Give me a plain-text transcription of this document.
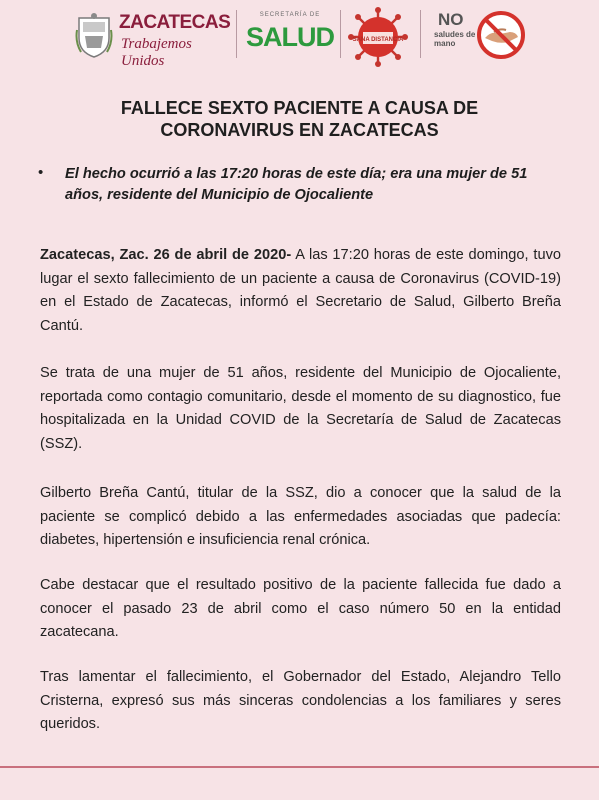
ZACATECAS
Trabajemos Unidos
SECRETARÍA DE
SALUD	SANA DISTANCIA
NO
saludes de mano
FALLECE SEXTO PACIENTE A CAUSA DE
CORONAVIRUS EN ZACATECAS
• El hecho ocurrió a las 17:20 horas de este día; era una mujer de 51 años, residente del Municipio de Ojocaliente

Zacatecas, Zac. 26 de abril de 2020- A las 17:20 horas de este domingo, tuvo lugar el sexto fallecimiento de un paciente a causa de Coronavirus (COVID-19) en el Estado de Zacatecas, informó el Secretario de Salud, Gilberto Breña Cantú.

Se trata de una mujer de 51 años, residente del Municipio de Ojocaliente, reportada como contagio comunitario, desde el momento de su diagnostico, fue hospitalizada en la Unidad COVID de la Secretaría de Salud de Zacatecas (SSZ).

Gilberto Breña Cantú, titular de la SSZ, dio a conocer que la salud de la paciente se complicó debido a las enfermedades asociadas que padecía: diabetes, hipertensión e insuficiencia renal crónica.

Cabe destacar que el resultado positivo de la paciente fallecida fue dado a conocer el pasado 23 de abril como el caso número 50 en la entidad zacatecana.

Tras lamentar el fallecimiento, el Gobernador del Estado, Alejandro Tello Cristerna, expresó sus más sinceras condolencias a los familiares y seres queridos.
